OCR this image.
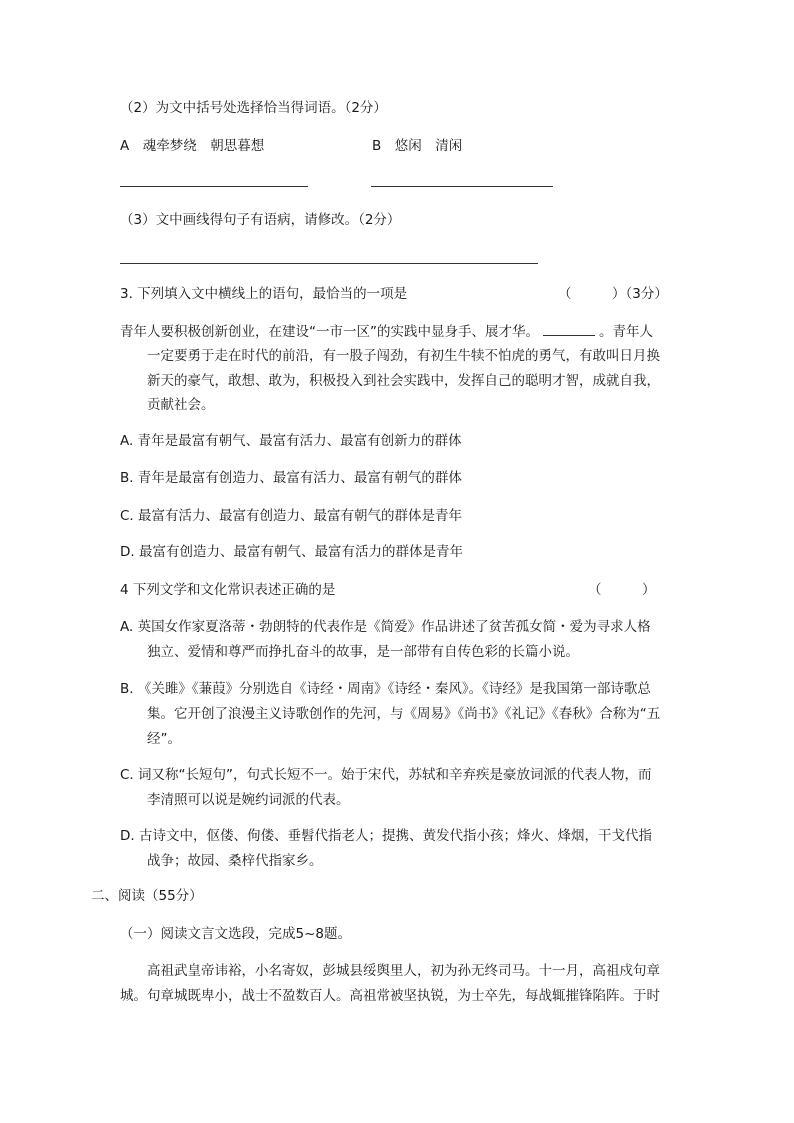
（2）为文中括号处选择恰当得词语。（2分）
A　魂牵梦绕　朝思暮想	B　悠闲　清闲
（3）文中画线得句子有语病，请修改。（2分）
3. 下列填入文中横线上的语句，最恰当的一项是	（　　　）（3分）
青年人要积极创新创业，在建设“一市一区”的实践中显身手、展才华。	。青年人
一定要勇于走在时代的前沿，有一股子闯劲，有初生牛犊不怕虎的勇气，有敢叫日月换
新天的豪气，敢想、敢为，积极投入到社会实践中，发挥自己的聪明才智，成就自我，
贡献社会。
A. 青年是最富有朝气、最富有活力、最富有创新力的群体
B. 青年是最富有创造力、最富有活力、最富有朝气的群体
C. 最富有活力、最富有创造力、最富有朝气的群体是青年
D. 最富有创造力、最富有朝气、最富有活力的群体是青年
4 下列文学和文化常识表述正确的是	（　　　）
A. 英国女作家夏洛蒂・勃朗特的代表作是《简爱》作品讲述了贫苦孤女简・爱为寻求人格
独立、爱情和尊严而挣扎奋斗的故事，是一部带有自传色彩的长篇小说。
B. 《关雎》《蒹葭》分别选自《诗经・周南》《诗经・秦风》。《诗经》是我国第一部诗歌总
集。它开创了浪漫主义诗歌创作的先河，与《周易》《尚书》《礼记》《春秋》合称为“五
经”。
C. 词又称“长短句”，句式长短不一。始于宋代，苏轼和辛弃疾是豪放词派的代表人物，而
李清照可以说是婉约词派的代表。
D. 古诗文中，伛偻、佝偻、垂髫代指老人；提携、黄发代指小孩；烽火、烽烟，干戈代指
战争；故园、桑梓代指家乡。
二、阅读（55分）
（一）阅读文言文选段，完成5~8题。
高祖武皇帝讳裕，小名寄奴，彭城县绥舆里人，初为孙无终司马。十一月，高祖戍句章
城。句章城既卑小，战士不盈数百人。高祖常被坚执锐，为士卒先，每战辄摧锋陷阵。于时
